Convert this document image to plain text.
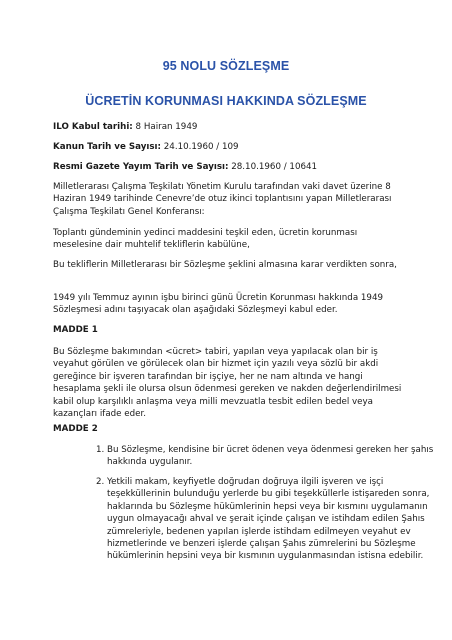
95 NOLU SÖZLEŞME
ÜCRETİN KORUNMASI HAKKINDA SÖZLEŞME
ILO Kabul tarihi: 8 Hairan 1949
Kanun Tarih ve Sayısı: 24.10.1960 / 109
Resmi Gazete Yayım Tarih ve Sayısı: 28.10.1960 / 10641
Milletlerarası Çalışma Teşkilatı Yönetim Kurulu tarafından vaki davet üzerine 8 Haziran 1949 tarihinde Cenevre’de otuz ikinci toplantısını yapan Milletlerarası Çalışma Teşkilatı Genel Konferansı:
Toplantı gündeminin yedinci maddesini teşkil eden, ücretin korunması meselesine dair muhtelif tekliflerin kabülüne,
Bu tekliflerin Milletlerarası bir Sözleşme şeklini almasına karar verdikten sonra,
1949 yılı Temmuz ayının işbu birinci günü Ücretin Korunması hakkında 1949 Sözleşmesi adını taşıyacak olan aşağıdaki Sözleşmeyi kabul eder.
MADDE 1
Bu Sözleşme bakımından <ücret> tabiri, yapılan veya yapılacak olan bir iş veyahut görülen ve görülecek olan bir hizmet için yazılı veya sözlü bir akdi gereğince bir işveren tarafından bir işçiye, her ne nam altında ve hangi hesaplama şekli ile olursa olsun ödenmesi gereken ve nakden değerlendirilmesi kabil olup karşılıklı anlaşma veya milli mevzuatla tesbit edilen bedel veya kazançları ifade eder.
MADDE 2
1. Bu Sözleşme, kendisine bir ücret ödenen veya ödenmesi gereken her şahıs hakkında uygulanır.
2. Yetkili makam, keyfiyetle doğrudan doğruya ilgili işveren ve işçi teşekküllerinin bulunduğu yerlerde bu gibi teşekküllerle istişareden sonra, haklarında bu Sözleşme hükümlerinin hepsi veya bir kısmını uygulamanın uygun olmayacağı ahval ve şerait içinde çalışan ve istihdam edilen Şahıs zümreleriyle, bedenen yapılan işlerde istihdam edilmeyen veyahut ev hizmetlerinde ve benzeri işlerde çalışan Şahıs zümrelerini bu Sözleşme hükümlerinin hepsini veya bir kısmının uygulanmasından istisna edebilir.
